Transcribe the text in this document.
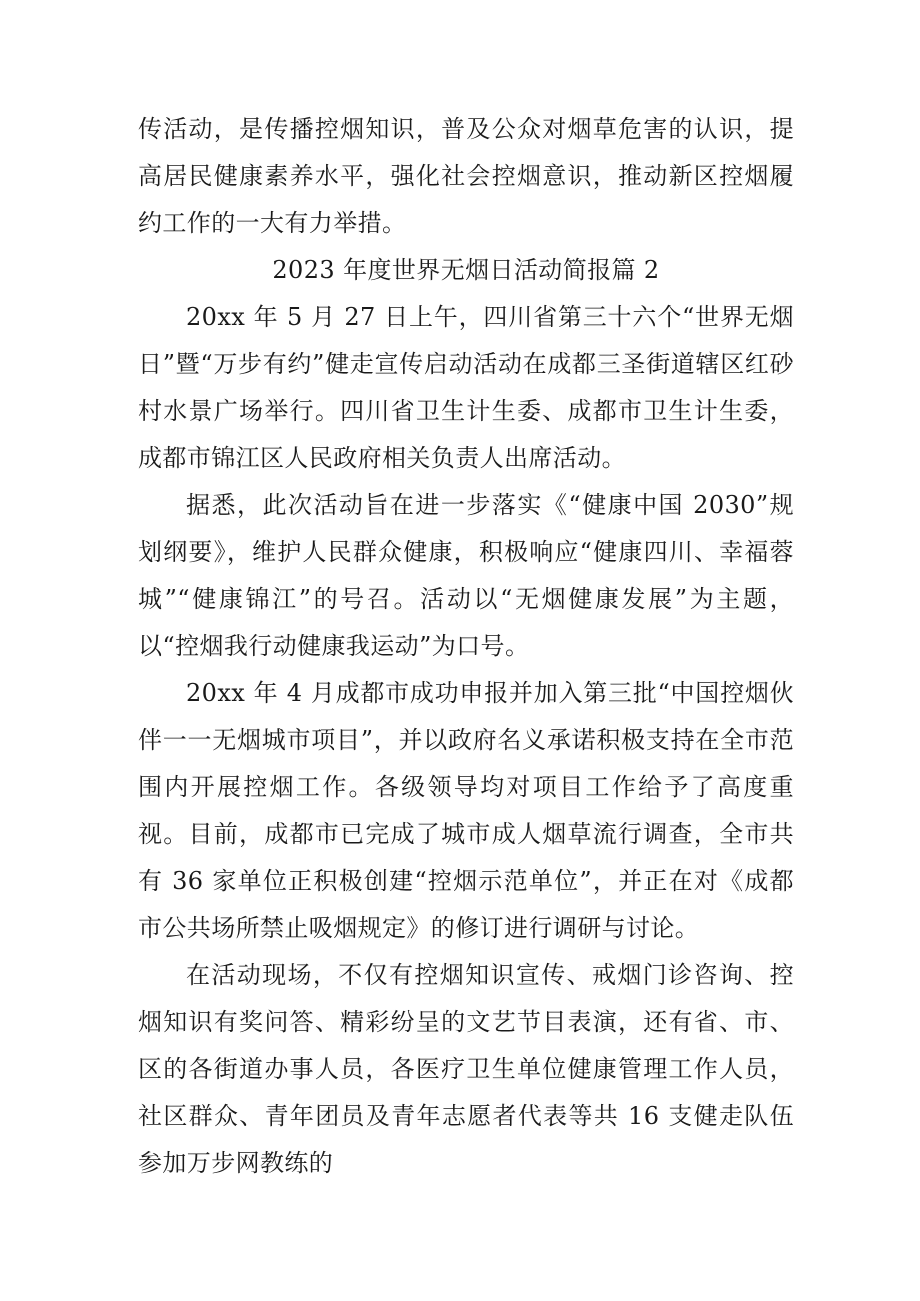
传活动，是传播控烟知识，普及公众对烟草危害的认识，提高居民健康素养水平，强化社会控烟意识，推动新区控烟履约工作的一大有力举措。

2023 年度世界无烟日活动简报篇 2

20xx 年 5 月 27 日上午，四川省第三十六个“世界无烟日”暨“万步有约”健走宣传启动活动在成都三圣街道辖区红砂村水景广场举行。四川省卫生计生委、成都市卫生计生委，成都市锦江区人民政府相关负责人出席活动。

据悉，此次活动旨在进一步落实《“健康中国 2030”规划纲要》，维护人民群众健康，积极响应“健康四川、幸福蓉城”“健康锦江”的号召。活动以“无烟健康发展”为主题，以“控烟我行动健康我运动”为口号。

20xx 年 4 月成都市成功申报并加入第三批“中国控烟伙伴一一无烟城市项目”，并以政府名义承诺积极支持在全市范围内开展控烟工作。各级领导均对项目工作给予了高度重视。目前，成都市已完成了城市成人烟草流行调查，全市共有 36 家单位正积极创建“控烟示范单位”，并正在对《成都市公共场所禁止吸烟规定》的修订进行调研与讨论。

在活动现场，不仅有控烟知识宣传、戒烟门诊咨询、控烟知识有奖问答、精彩纷呈的文艺节目表演，还有省、市、区的各街道办事人员，各医疗卫生单位健康管理工作人员，社区群众、青年团员及青年志愿者代表等共 16 支健走队伍参加万步网教练的
